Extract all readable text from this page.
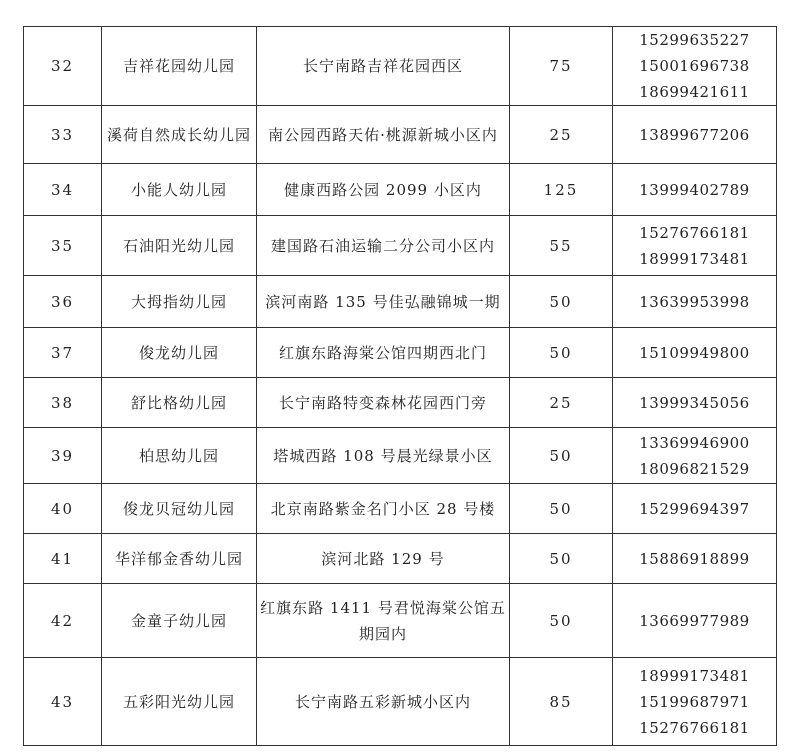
32	吉祥花园幼儿园	长宁南路吉祥花园西区	75	15299635227
15001696738
18699421611

33	溪荷自然成长幼儿园	南公园西路天佑·桃源新城小区内	25	13899677206

34	小能人幼儿园	健康西路公园 2099 小区内	125	13999402789

35	石油阳光幼儿园	建国路石油运输二分公司小区内	55	15276766181
18999173481

36	大拇指幼儿园	滨河南路 135 号佳弘融锦城一期	50	13639953998

37	俊龙幼儿园	红旗东路海棠公馆四期西北门	50	15109949800

38	舒比格幼儿园	长宁南路特变森林花园西门旁	25	13999345056

39	柏思幼儿园	塔城西路 108 号晨光绿景小区	50	13369946900
18096821529

40	俊龙贝冠幼儿园	北京南路紫金名门小区 28 号楼	50	15299694397

41	华洋郁金香幼儿园	滨河北路 129 号	50	15886918899

42	金童子幼儿园	红旗东路 1411 号君悦海棠公馆五期园内	50	13669977989

43	五彩阳光幼儿园	长宁南路五彩新城小区内	85	18999173481
15199687971
15276766181
